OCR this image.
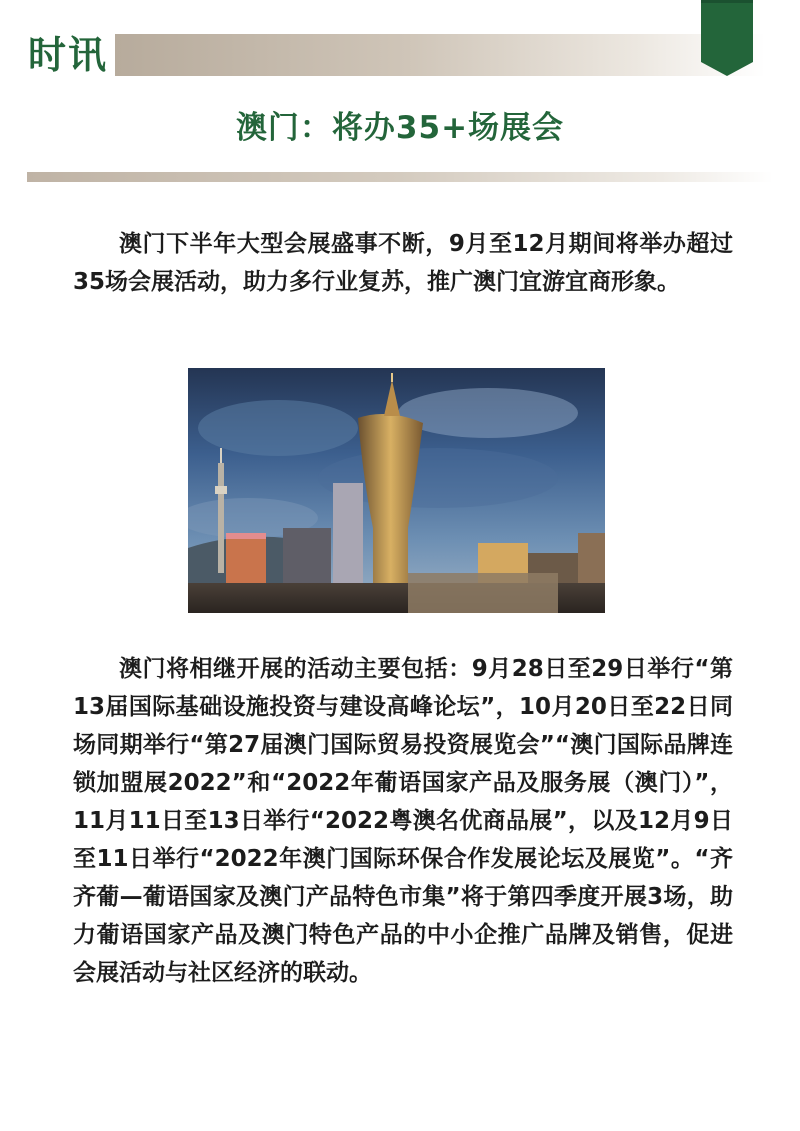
时讯
澳门：将办35+场展会

澳门下半年大型会展盛事不断，9月至12月期间将举办超过35场会展活动，助力多行业复苏，推广澳门宜游宜商形象。

澳门将相继开展的活动主要包括：9月28日至29日举行“第13届国际基础设施投资与建设高峰论坛”，10月20日至22日同场同期举行“第27届澳门国际贸易投资展览会”“澳门国际品牌连锁加盟展2022”和“2022年葡语国家产品及服务展（澳门）”，11月11日至13日举行“2022粤澳名优商品展”，以及12月9日至11日举行“2022年澳门国际环保合作发展论坛及展览”。“齐齐葡—葡语国家及澳门产品特色市集”将于第四季度开展3场，助力葡语国家产品及澳门特色产品的中小企推广品牌及销售，促进会展活动与社区经济的联动。
